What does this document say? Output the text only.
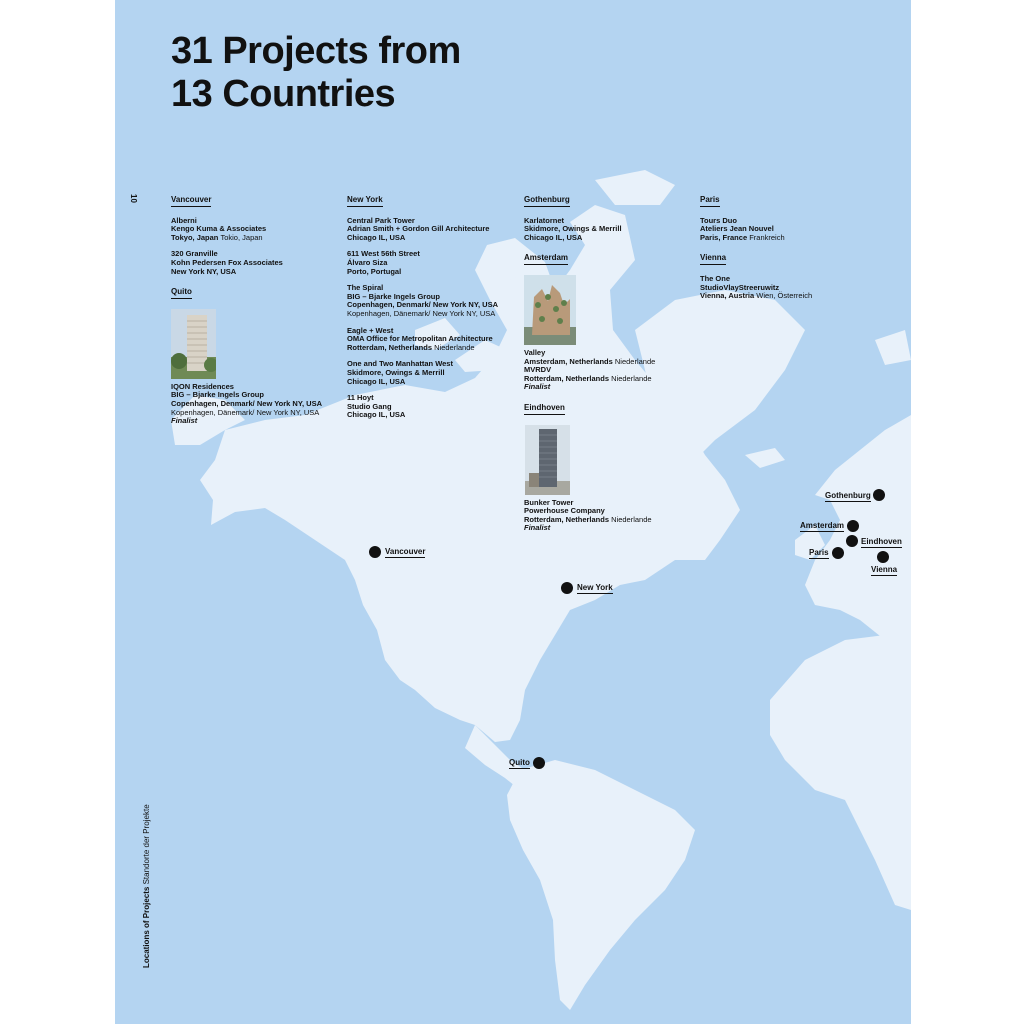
31 Projects from
13 Countries
10
Locations of Projects Standorte der Projekte
Vancouver
Alberni
Kengo Kuma & Associates
Tokyo, Japan Tokio, Japan
320 Granville
Kohn Pedersen Fox Associates
New York NY, USA
Quito
IQON Residences
BIG – Bjarke Ingels Group
Copenhagen, Denmark/ New York NY, USA
Kopenhagen, Dänemark/ New York NY, USA
Finalist
New York
Central Park Tower
Adrian Smith + Gordon Gill Architecture
Chicago IL, USA
611 West 56th Street
Álvaro Siza
Porto, Portugal
The Spiral
BIG – Bjarke Ingels Group
Copenhagen, Denmark/ New York NY, USA
Kopenhagen, Dänemark/ New York NY, USA
Eagle + West
OMA Office for Metropolitan Architecture
Rotterdam, Netherlands Niederlande
One and Two Manhattan West
Skidmore, Owings & Merrill
Chicago IL, USA
11 Hoyt
Studio Gang
Chicago IL, USA
Gothenburg
Karlatornet
Skidmore, Owings & Merrill
Chicago IL, USA
Amsterdam
Valley
Amsterdam, Netherlands Niederlande
MVRDV
Rotterdam, Netherlands Niederlande
Finalist
Eindhoven
Bunker Tower
Powerhouse Company
Rotterdam, Netherlands Niederlande
Finalist
Paris
Tours Duo
Ateliers Jean Nouvel
Paris, France Frankreich
Vienna
The One
StudioVlayStreeruwitz
Vienna, Austria Wien, Österreich
Vancouver
New York
Quito
Gothenburg
Amsterdam
Eindhoven
Paris
Vienna
